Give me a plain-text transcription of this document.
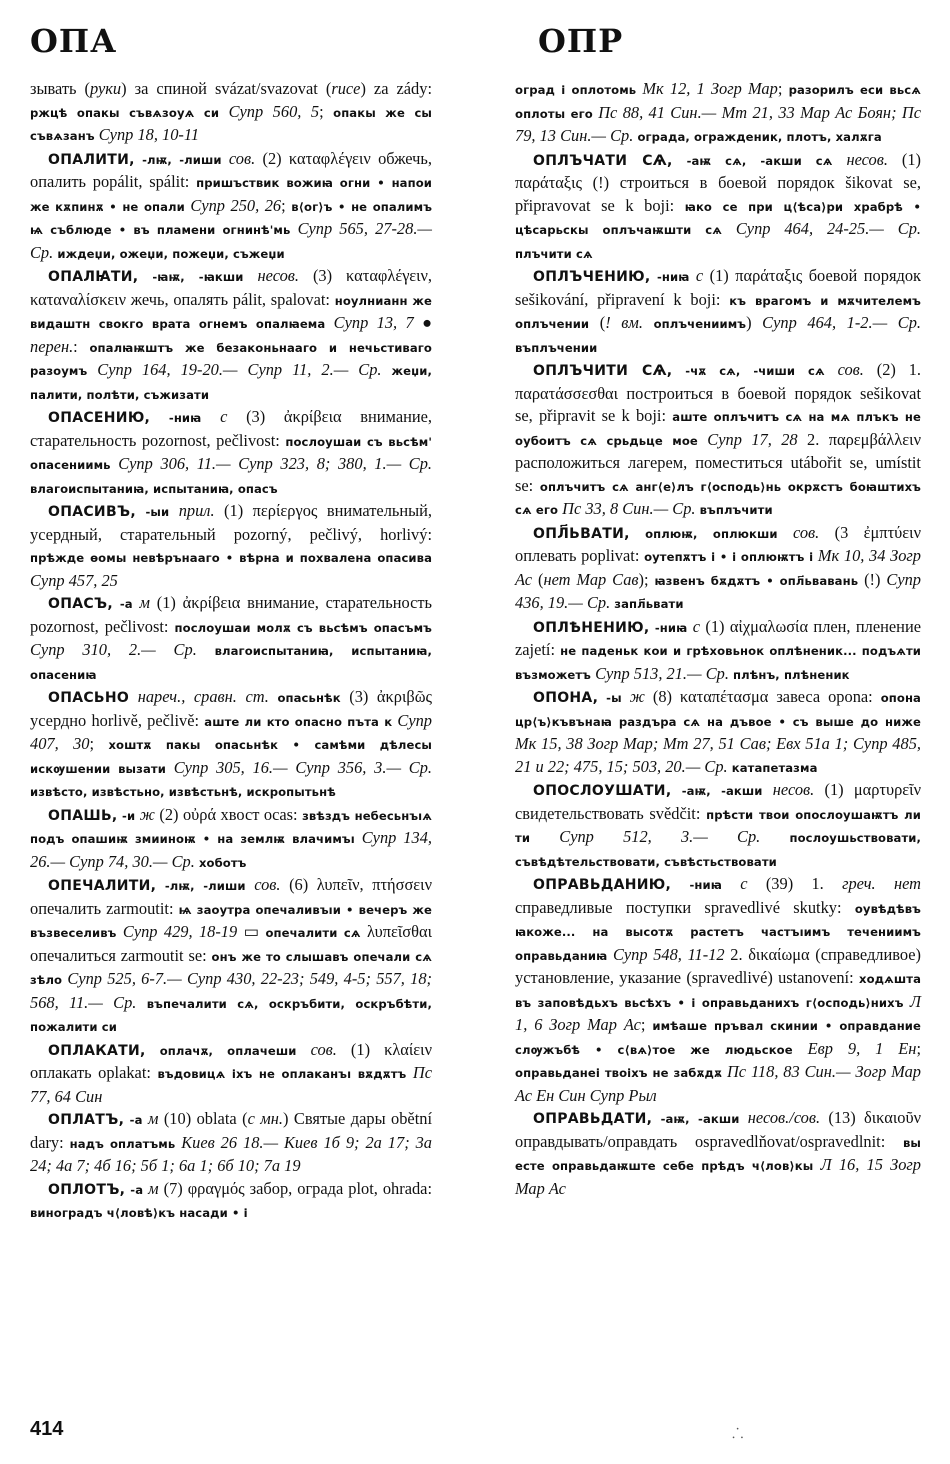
ОПА	ОПР

зывать (руки) за спиной svázat/svazovat (ruce) za zády: ржцѣ опакы съвѧзоуѧ си Супр 560, 5; опакы же сы съвѧзанъ Супр 18, 10-11

ОПАЛИТИ, -лѭ, -лиши сов. (2) καταφλέγειν обжечь, опалить popálit, spálit: пришъствик вожиꙗ огни • напои же кѫпинѫ • не опали Супр 250, 26; в⟨ог⟩ъ • не опалимъ ѩ съблюде • въ пламени огнинѣ'мь Супр 565, 27-28.— Ср. иждеџи, ожеџи, пожеџи, съжеџи

ОПАЛꙖТИ, -ꙗѭ, -ꙗкши несов. (3) καταφλέγειν, καταναλίσκειν жечь, опалять pálit, spalovat: ноулнианн же видаштн свокго врата огнемъ опалꙗема Супр 13, 7 ● перен.: опалꙗѭштъ же безаконьнааго и нечьстиваго разоумъ Супр 164, 19-20.— Супр 11, 2.— Ср. жеџи, палити, полѣти, съжизати

ОПАСЕНИЮ, -ниꙗ с (3) ἀκρίβεια внимание, старательность pozornost, pečlivost: послоушаи съ вьсѣм' опасениимь Супр 306, 11.— Супр 323, 8; 380, 1.— Ср. влагоиспытаниꙗ, испытаниꙗ, опасъ

ОПАСИВЪ, -ыи прил. (1) περίεργος внимательный, усердный, старательный pozorný, pečlivý, horlivý: прѣжде ѳомы невѣрънааго • вѣрна и похвалена опасива Супр 457, 25

ОПАСЪ, -а м (1) ἀκρίβεια внимание, старательность pozornost, pečlivost: послоушаи молѫ съ вьсѣмъ опасъмъ Супр 310, 2.— Ср. влагоиспытаниꙗ, испытаниꙗ, опасениꙗ

ОПАСЬНО нареч., сравн. ст. опасьнѣк (3) ἀκριβῶς усердно horlivě, pečlivě: аште ли кто опасно пъта к Супр 407, 30; хоштѫ пакы опасьнѣк • самѣми дѣлесы искѹшении вызати Супр 305, 16.— Супр 356, 3.— Ср. извѣсто, извѣстьно, извѣстьнѣ, искропытьнѣ

ОПАШЬ, -и ж (2) οὐρά хвост ocas: звѣздъ небесьнъıѧ подъ опашиѭ змииноѭ • на землѭ влачимъı Супр 134, 26.— Супр 74, 30.— Ср. хоботъ

ОПЕЧАЛИТИ, -лѭ, -лиши сов. (6) λυπεῖν, πτήσσειν опечалить zarmoutit: ѩ заоутра опечаливъıи • вечеръ же възвеселивъ Супр 429, 18-19 ▭ опечалити сѧ λυπεῖσθαι опечалиться zarmoutit se: онъ же то слышавъ опечали сѧ зѣло Супр 525, 6-7.— Супр 430, 22-23; 549, 4-5; 557, 18; 568, 11.— Ср. въпечалити сѧ, оскръбити, оскръбѣти, пожалити си

ОПЛАКАТИ, оплачѫ, оплачеши сов. (1) κλαίειν оплакать oplakat: въдовицѧ іхъ не оплаканъı вѫдѫтъ Пс 77, 64 Син

ОПЛАТЪ, -а м (10) oblata (с мн.) Святые дары obětní dary: надъ оплатъмь Киев 26 18.— Киев 1б 9; 2а 17; 3а 24; 4а 7; 4б 16; 5б 1; 6а 1; 6б 10; 7а 19

ОПЛОТЪ, -а м (7) φραγμός забор, ограда plot, ohrada: виноградъ ч⟨ловѣ⟩къ насади • і

оград і оплотомь Мк 12, 1 Зогр Мар; разорилъ еси вьсѧ оплоты его Пс 88, 41 Син.— Мт 21, 33 Мар Ас Боян; Пс 79, 13 Син.— Ср. ограда, огражденик, плотъ, халѫга

ОПЛЪЧАТИ СѦ, -аѭ сѧ, -акши сѧ несов. (1) παράταξις (!) строиться в боевой порядок šikovat se, připravovat se k boji: ꙗко се при ц⟨ѣса⟩ри храбрѣ • цѣсарьскы оплъчаѭшти сѧ Супр 464, 24-25.— Ср. плъчити сѧ

ОПЛЪЧЕНИЮ, -ниꙗ с (1) παράταξις боевой порядок sešikování, připravení k boji: къ врагомъ и мѫчителемъ оплъчении (! вм. оплъчениимъ) Супр 464, 1-2.— Ср. въплъчении

ОПЛЪЧИТИ СѦ, -чѫ сѧ, -чиши сѧ сов. (2) 1. παρατάσσεσθαι построиться в боевой порядок sešikovat se, připravit se k boji: аште оплъчитъ сѧ на мѧ плъкъ не оубоитъ сѧ срьдьце мое Супр 17, 28 2. παρεμβάλλειν расположиться лагерем, поместиться utábořit se, umístit se: оплъчитъ сѧ анг⟨е⟩лъ г⟨осподь⟩нь окрѫстъ боꙗштихъ сѧ его Пс 33, 8 Син.— Ср. въплъчити

ОПЛ҃ЬВАТИ, оплюѭ, оплюкши сов. (3 ἐμπτύειν оплевать poplivat: оутепѫтъ і • і оплюѭтъ і Мк 10, 34 Зогр Ас (нет Мар Сав); ꙗзвенъ бѫдѫтъ • опл҃ьвавань (!) Супр 436, 19.— Ср. запл҃ьвати

ОПЛѢНЕНИЮ, -ниꙗ с (1) αἰχμαλωσία плен, пленение zajetí: не паденьк кои и грѣховьнок оплѣненик... подъѧти възможетъ Супр 513, 21.— Ср. плѣнъ, плѣненик

ОПОНА, -ы ж (8) καταπέτασμα завеса opona: опона цр⟨ъ⟩къвънаꙗ раздъра сѧ на дъвое • съ выше до ниже Мк 15, 38 Зогр Мар; Мт 27, 51 Сав; Евх 51а 1; Супр 485, 21 и 22; 475, 15; 503, 20.— Ср. катапетазма

ОПОСЛОУШАТИ, -аѭ, -акши несов. (1) μαρτυρεῖν свидетельствовать svědčit: прѣсти твои опослоушаѭтъ ли ти Супр 512, 3.— Ср.	послоушьствовати, съвѣдѣтельствовати, съвѣстьствовати

ОПРАВЬДАНИЮ, -ниꙗ с (39) 1. греч. нет справедливые поступки spravedlivé skutky: оувѣдѣвъ ꙗкоже... на высотѫ растетъ частъıимъ течениимъ оправьданиꙗ Супр 548, 11-12 2. δικαίωμα (справедливое) установление, указание (spravedlivé) ustanovení: ходѧшта въ заповѣдьхъ вьсѣхъ • і оправьданихъ г⟨осподь⟩нихъ Л 1, 6 Зогр Мар Ас; имѣаше пръвал скинии • оправдание слѹжъбѣ • с⟨вѧ⟩тое же людьское Евр 9, 1 Ен; оправьданеі твоіхъ не забѫдѫ Пс 118, 83 Син.— Зогр Мар Ас Ен Син Супр Рыл

ОПРАВЬДАТИ, -аѭ, -акши несов./сов. (13) δικαιοῦν оправдывать/оправдать ospravedlňovat/ospravedlnit: вы есте оправьдаѭште себе прѣдъ ч⟨лов⟩кы Л 16, 15 Зогр Мар Ас

414	⸫
